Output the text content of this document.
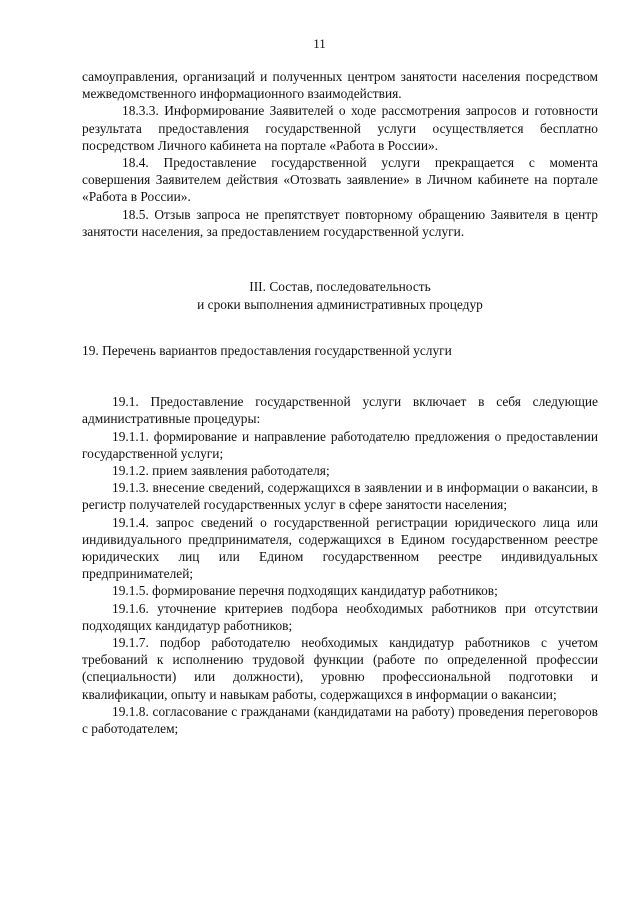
11

самоуправления, организаций и полученных центром занятости населения посредством межведомственного информационного взаимодействия.

18.3.3. Информирование Заявителей о ходе рассмотрения запросов и готовности результата предоставления государственной услуги осуществляется бесплатно посредством Личного кабинета на портале «Работа в России».

18.4. Предоставление государственной услуги прекращается с момента совершения Заявителем действия «Отозвать заявление» в Личном кабинете на портале «Работа в России».

18.5. Отзыв запроса не препятствует повторному обращению Заявителя в центр занятости населения, за предоставлением государственной услуги.

III. Состав, последовательность
и сроки выполнения административных процедур

19. Перечень вариантов предоставления государственной услуги

19.1. Предоставление государственной услуги включает в себя следующие административные процедуры:

19.1.1. формирование и направление работодателю предложения о предоставлении государственной услуги;

19.1.2. прием заявления работодателя;

19.1.3. внесение сведений, содержащихся в заявлении и в информации о вакансии, в регистр получателей государственных услуг в сфере занятости населения;

19.1.4. запрос сведений о государственной регистрации юридического лица или индивидуального предпринимателя, содержащихся в Едином государственном реестре юридических лиц или Едином государственном реестре индивидуальных предпринимателей;

19.1.5. формирование перечня подходящих кандидатур работников;

19.1.6. уточнение критериев подбора необходимых работников при отсутствии подходящих кандидатур работников;

19.1.7. подбор работодателю необходимых кандидатур работников с учетом требований к исполнению трудовой функции (работе по определенной профессии (специальности) или должности), уровню профессиональной подготовки и квалификации, опыту и навыкам работы, содержащихся в информации о вакансии;

19.1.8. согласование с гражданами (кандидатами на работу) проведения переговоров с работодателем;
